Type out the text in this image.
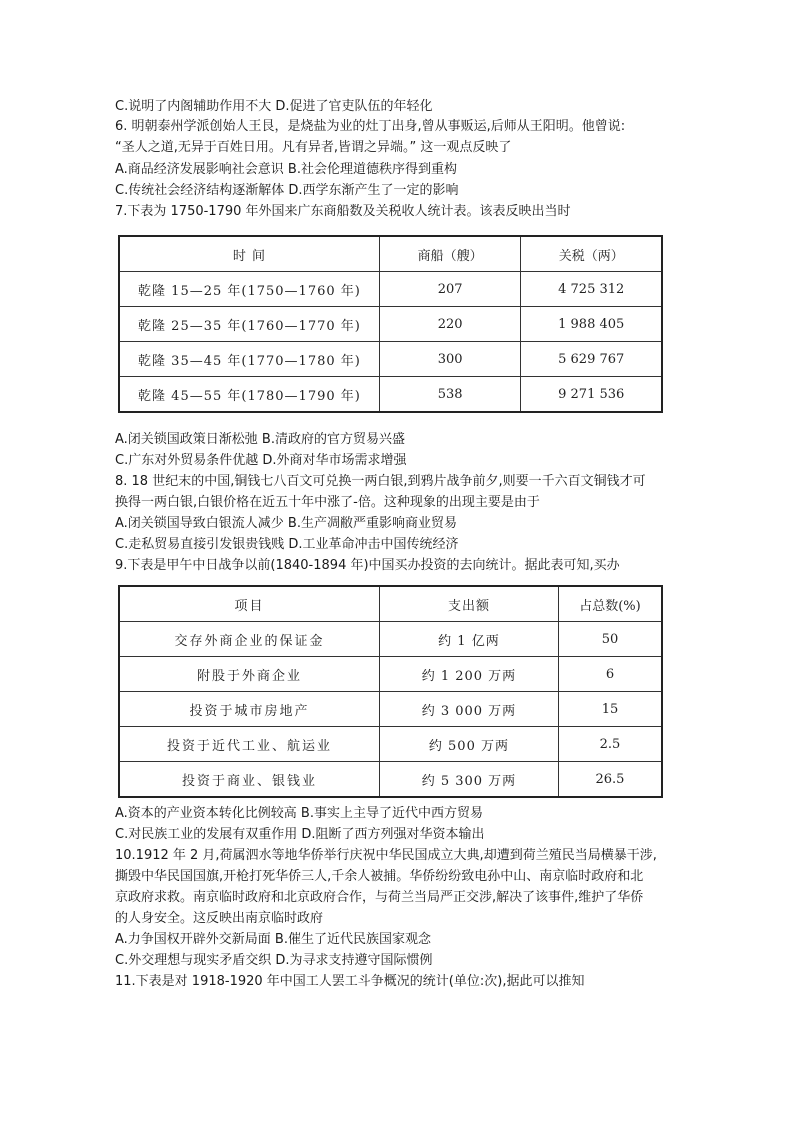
C.说明了内阁辅助作用不大 D.促进了官吏队伍的年轻化
6. 明朝泰州学派创始人王艮，是烧盐为业的灶丁出身,曾从事贩运,后师从王阳明。他曾说:
“圣人之道,无异于百姓日用。凡有异者,皆谓之异端。” 这一观点反映了
A.商品经济发展影响社会意识 B.社会伦理道德秩序得到重构
C.传统社会经济结构逐渐解体 D.西学东渐产生了一定的影响
7.下表为 1750-1790 年外国来广东商船数及关税收人统计表。该表反映出当时
时 间	商船（艘）	关税（两）
乾隆 15—25 年(1750—1760 年)	207	4 725 312
乾隆 25—35 年(1760—1770 年)	220	1 988 405
乾隆 35—45 年(1770—1780 年)	300	5 629 767
乾隆 45—55 年(1780—1790 年)	538	9 271 536
A.闭关锁国政策日渐松弛 B.清政府的官方贸易兴盛
C.广东对外贸易条件优越 D.外商对华市场需求增强
8. 18 世纪末的中国,铜钱七八百文可兑换一两白银,到鸦片战争前夕,则要一千六百文铜钱才可
换得一两白银,白银价格在近五十年中涨了-倍。这种现象的出现主要是由于
A.闭关锁国导致白银流人减少 B.生产凋敝严重影响商业贸易
C.走私贸易直接引发银贵钱贱 D.工业革命冲击中国传统经济
9.下表是甲午中日战争以前(1840-1894 年)中国买办投资的去向统计。据此表可知,买办
项目	支出额	占总数(%)
交存外商企业的保证金	约 1 亿两	50
附股于外商企业	约 1 200 万两	6
投资于城市房地产	约 3 000 万两	15
投资于近代工业、航运业	约 500 万两	2.5
投资于商业、银钱业	约 5 300 万两	26.5
A.资本的产业资本转化比例较高 B.事实上主导了近代中西方贸易
C.对民族工业的发展有双重作用 D.阻断了西方列强对华资本输出
10.1912 年 2 月,荷属泗水等地华侨举行庆祝中华民国成立大典,却遭到荷兰殖民当局横暴干涉,
撕毁中华民国国旗,开枪打死华侨三人,千余人被捕。华侨纷纷致电孙中山、南京临时政府和北
京政府求救。南京临时政府和北京政府合作，与荷兰当局严正交涉,解决了该事件,维护了华侨
的人身安全。这反映出南京临时政府
A.力争国权开辟外交新局面 B.催生了近代民族国家观念
C.外交理想与现实矛盾交织 D.为寻求支持遵守国际惯例
11.下表是对 1918-1920 年中国工人罢工斗争概况的统计(单位:次),据此可以推知
